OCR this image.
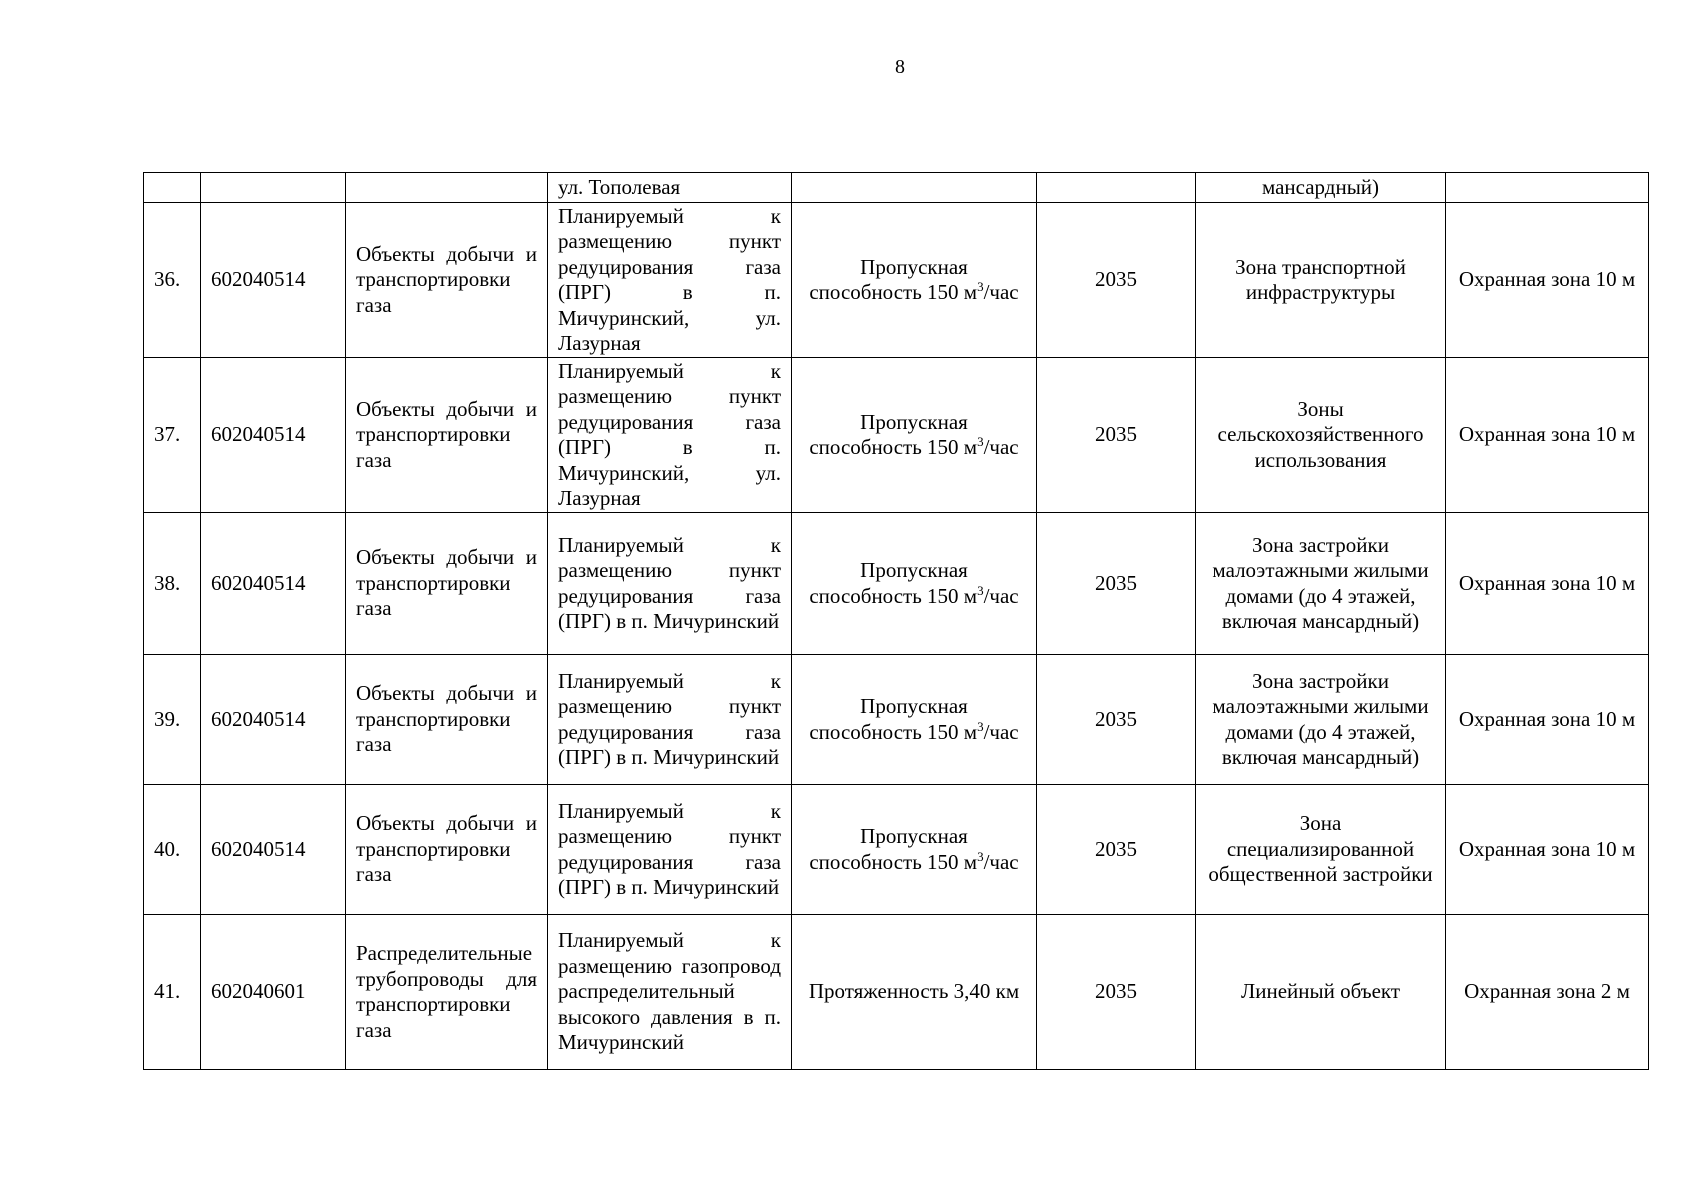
8
			ул. Тополевая			мансардный)	
36.	602040514	Объекты добычи и транспортировки газа	Планируемый к размещению пункт редуцирования газа (ПРГ) в п. Мичуринский, ул. Лазурная	Пропускная способность 150 $м^3$/час	2035	Зона транспортной инфраструктуры	Охранная зона 10 м
37.	602040514	Объекты добычи и транспортировки газа	Планируемый к размещению пункт редуцирования газа (ПРГ) в п. Мичуринский, ул. Лазурная	Пропускная способность 150 $м^3$/час	2035	Зоны сельскохозяйственного использования	Охранная зона 10 м
38.	602040514	Объекты добычи и транспортировки газа	Планируемый к размещению пункт редуцирования газа (ПРГ) в п. Мичуринский	Пропускная способность 150 $м^3$/час	2035	Зона застройки малоэтажными жилыми домами (до 4 этажей, включая мансардный)	Охранная зона 10 м
39.	602040514	Объекты добычи и транспортировки газа	Планируемый к размещению пункт редуцирования газа (ПРГ) в п. Мичуринский	Пропускная способность 150 $м^3$/час	2035	Зона застройки малоэтажными жилыми домами (до 4 этажей, включая мансардный)	Охранная зона 10 м
40.	602040514	Объекты добычи и транспортировки газа	Планируемый к размещению пункт редуцирования газа (ПРГ) в п. Мичуринский	Пропускная способность 150 $м^3$/час	2035	Зона специализированной общественной застройки	Охранная зона 10 м
41.	602040601	Распределительные трубопроводы для транспортировки газа	Планируемый к размещению газопровод распределительный высокого давления в п. Мичуринский	Протяженность 3,40 км	2035	Линейный объект	Охранная зона 2 м
